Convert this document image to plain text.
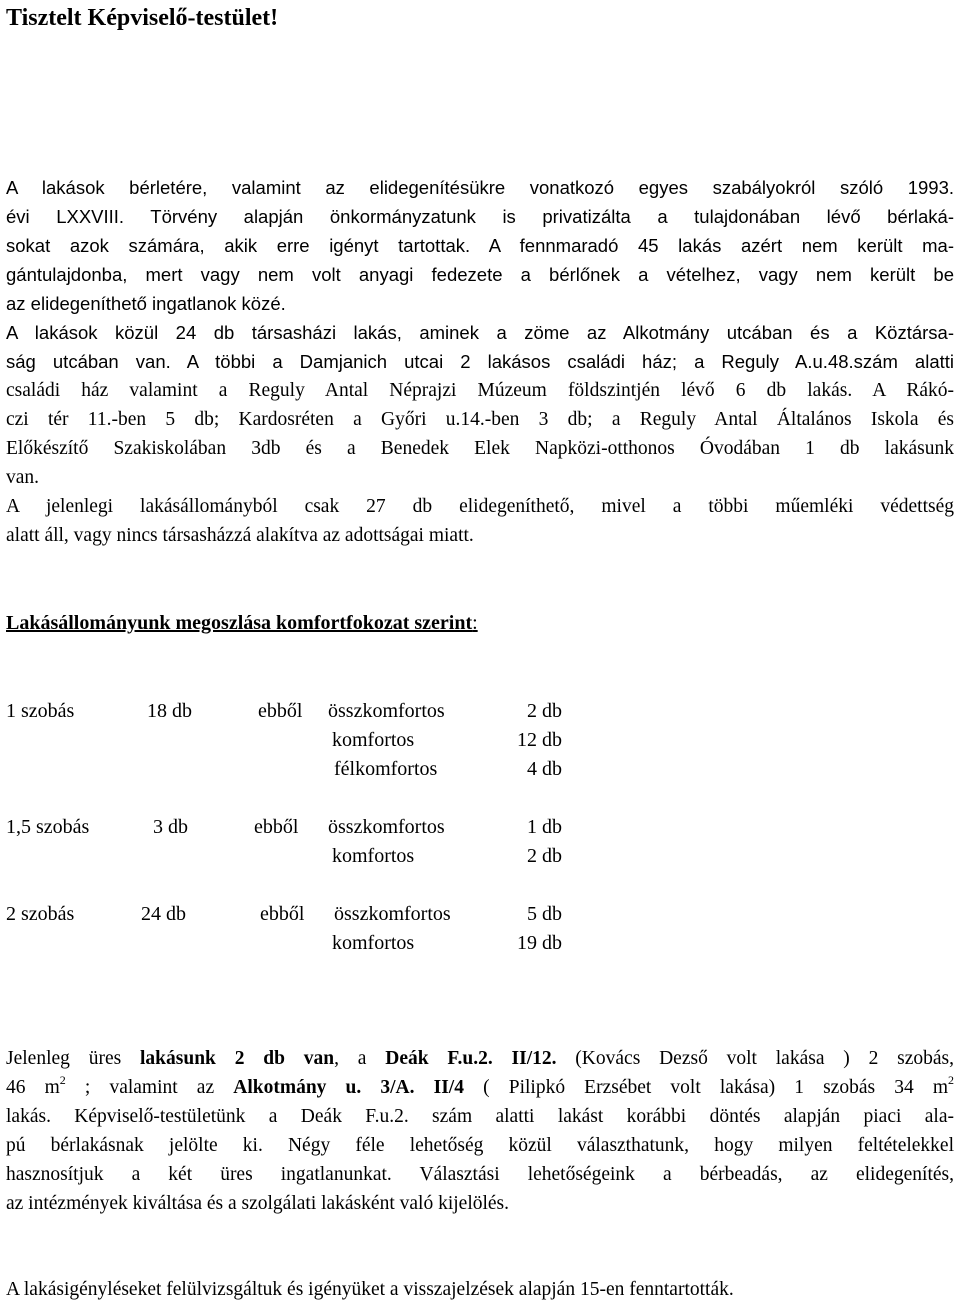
Tisztelt Képviselő-testület!
A lakások bérletére, valamint az elidegenítésükre vonatkozó egyes szabályokról szóló 1993.
évi LXXVIII. Törvény alapján önkormányzatunk is privatizálta a tulajdonában lévő bérlaká-
sokat azok számára, akik erre igényt tartottak. A fennmaradó 45 lakás azért nem került ma-
gántulajdonba, mert vagy nem volt anyagi fedezete a bérlőnek a vételhez, vagy nem került be
az elidegeníthető ingatlanok közé.
A lakások közül 24 db társasházi lakás, aminek a zöme az Alkotmány utcában és a Köztársa-
ság utcában van. A többi a Damjanich utcai 2 lakásos családi ház; a Reguly A.u.48.szám alatti
családi ház valamint a Reguly Antal Néprajzi Múzeum földszintjén lévő 6 db lakás. A Rákó-
czi tér 11.-ben 5 db; Kardosréten a Győri u.14.-ben 3 db; a Reguly Antal Általános Iskola és
Előkészítő Szakiskolában 3db és a Benedek Elek Napközi-otthonos Óvodában 1 db lakásunk
van.
A jelenlegi lakásállományból csak 27 db elidegeníthető, mivel a többi műemléki védettség
alatt áll, vagy nincs társasházzá alakítva az adottságai miatt.
Lakásállományunk megoszlása komfortfokozat szerint:
1 szobás	18 db	ebből összkomfortos	2 db
komfortos	12 db
félkomfortos	4 db
1,5 szobás	3 db	ebből összkomfortos	1 db
komfortos	2 db
2 szobás	24 db	ebből összkomfortos	5 db
komfortos	19 db
Jelenleg üres lakásunk 2 db van, a Deák F.u.2. II/12. (Kovács Dezső volt lakása ) 2 szobás,
46 $m^2$ ; valamint az Alkotmány u. 3/A. II/4 ( Pilipkó Erzsébet volt lakása) 1 szobás 34 $m^2$
lakás. Képviselő-testületünk a Deák F.u.2. szám alatti lakást korábbi döntés alapján piaci ala-
pú bérlakásnak jelölte ki. Négy féle lehetőség közül választhatunk, hogy milyen feltételekkel
hasznosítjuk a két üres ingatlanunkat. Választási lehetőségeink a bérbeadás, az elidegenítés,
az intézmények kiváltása és a szolgálati lakásként való kijelölés.
A lakásigényléseket felülvizsgáltuk és igényüket a visszajelzések alapján 15-en fenntartották.
